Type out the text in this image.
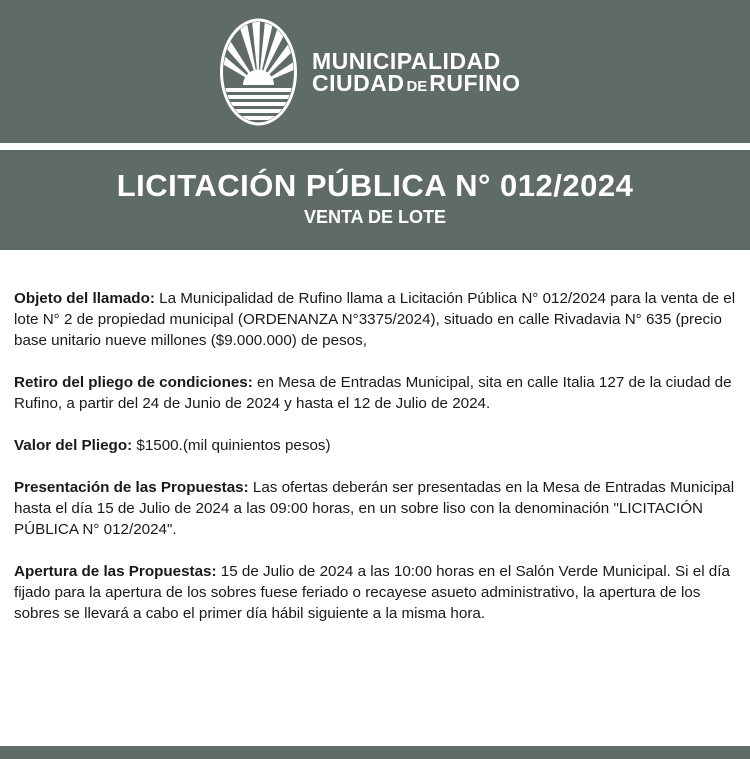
MUNICIPALIDAD
CIUDAD DERUFINO
LICITACIÓN PÚBLICA N° 012/2024
VENTA DE LOTE

Objeto del llamado: La Municipalidad de Rufino llama a Licitación Pública N° 012/2024 para la venta de el lote N° 2 de propiedad municipal (ORDENANZA N°3375/2024), situado en calle Rivadavia N° 635 (precio base unitario nueve millones ($9.000.000) de pesos,

Retiro del pliego de condiciones: en Mesa de Entradas Municipal, sita en calle Italia 127 de la ciudad de Rufino, a partir del 24 de Junio de 2024 y hasta el 12 de Julio de 2024.

Valor del Pliego: $1500.(mil quinientos pesos)

Presentación de las Propuestas: Las ofertas deberán ser presentadas en la Mesa de Entradas Municipal hasta el día 15 de Julio de 2024 a las 09:00 horas, en un sobre liso con la denominación "LICITACIÓN PÚBLICA N° 012/2024".

Apertura de las Propuestas: 15 de Julio de 2024 a las 10:00 horas en el Salón Verde Municipal. Si el día fijado para la apertura de los sobres fuese feriado o recayese asueto administrativo, la apertura de los sobres se llevará a cabo el primer día hábil siguiente a la misma hora.
